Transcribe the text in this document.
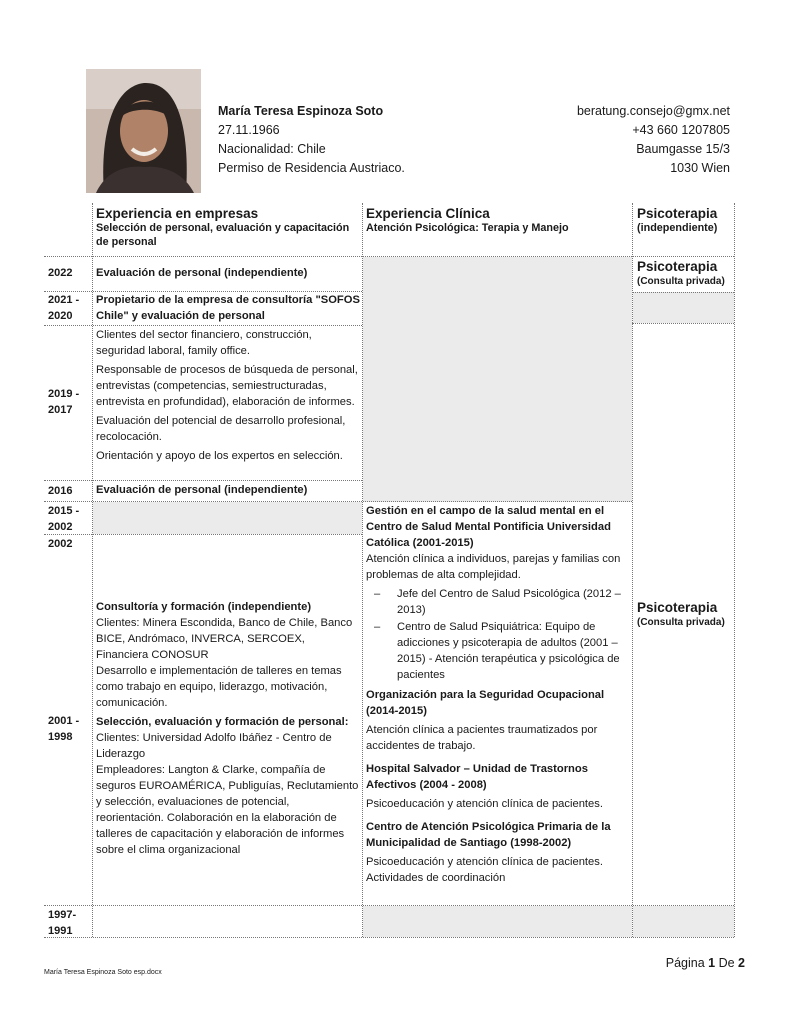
María Teresa Espinoza Soto
27.11.1966
Nacionalidad: Chile
Permiso de Residencia Austriaco.
beratung.consejo@gmx.net
+43 660 1207805
Baumgasse 15/3
1030 Wien
Experiencia en empresas
Selección de personal, evaluación y capacitación de personal
Experiencia Clínica
Atención Psicológica: Terapia y Manejo
Psicoterapia
(independiente)
2022
2021 -
2020
2019 -
2017
2016
2015 -
2002
2002
2001 -
1998
1997-
1991
Evaluación de personal (independiente)
Propietario de la empresa de consultoría "SOFOS Chile" y evaluación de personal

Clientes del sector financiero, construcción, seguridad laboral, family office.

Responsable de procesos de búsqueda de personal, entrevistas (competencias, semiestructuradas, entrevista en profundidad), elaboración de informes.

Evaluación del potencial de desarrollo profesional, recolocación.

Orientación y apoyo de los expertos en selección.

Evaluación de personal (independiente)
Consultoría y formación (independiente)
Clientes: Minera Escondida, Banco de Chile, Banco BICE, Andrómaco, INVERCA, SERCOEX, Financiera CONOSUR

Desarrollo e implementación de talleres en temas como trabajo en equipo, liderazgo, motivación, comunicación.

Selección, evaluación y formación de personal:
Clientes: Universidad Adolfo Ibáñez - Centro de Liderazgo
Empleadores: Langton & Clarke, compañía de seguros EUROAMÉRICA, Publiguías, Reclutamiento y selección, evaluaciones de potencial, reorientación. Colaboración en la elaboración de talleres de capacitación y elaboración de informes sobre el clima organizacional
Gestión en el campo de la salud mental en el Centro de Salud Mental Pontificia Universidad Católica (2001-2015)

Atención clínica a individuos, parejas y familias con problemas de alta complejidad.

– Jefe del Centro de Salud Psicológica (2012 – 2013)
– Centro de Salud Psiquiátrica: Equipo de adicciones y psicoterapia de adultos (2001 – 2015) - Atención terapéutica y psicológica de pacientes
Organización para la Seguridad Ocupacional (2014-2015)

Atención clínica a pacientes traumatizados por accidentes de trabajo.

Hospital Salvador – Unidad de Trastornos Afectivos (2004 - 2008)

Psicoeducación y atención clínica de pacientes.

Centro de Atención Psicológica Primaria de la Municipalidad de Santiago (1998-2002)

Psicoeducación y atención clínica de pacientes. Actividades de coordinación

Psicoterapia
(Consulta privada)
Psicoterapia
(Consulta privada)
María Teresa Espinoza Soto esp.docx
Página 1 De 2
